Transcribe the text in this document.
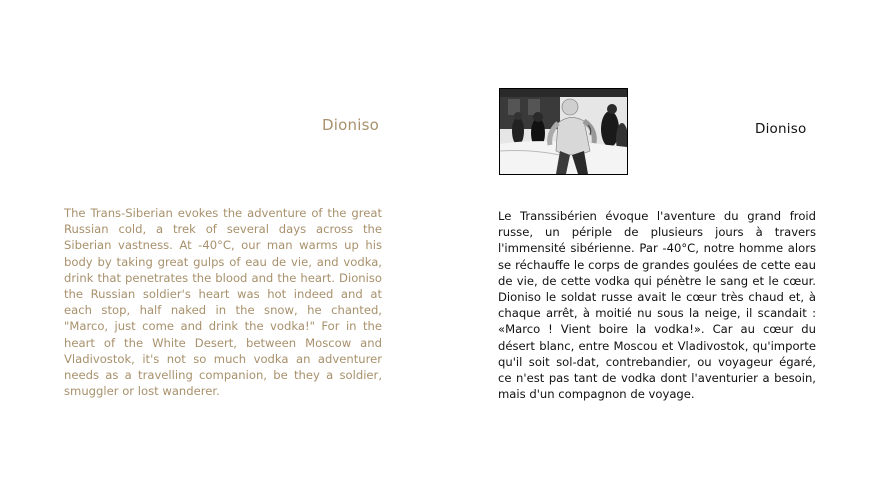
Dioniso

The Trans-Siberian evokes the adventure of the great Russian cold, a trek of several days across the Siberian vastness. At -40°C, our man warms up his body by taking great gulps of eau de vie, and vodka, drink that penetrates the blood and the heart. Dioniso the Russian soldier's heart was hot indeed and at each stop, half naked in the snow, he chanted, "Marco, just come and drink the vodka!" For in the heart of the White Desert, between Moscow and Vladivostok, it's not so much vodka an adventurer needs as a travelling companion, be they a soldier, smuggler or lost wanderer.

Dioniso

Le Transsibérien évoque l'aventure du grand froid russe, un périple de plusieurs jours à travers l'immensité sibérienne. Par -40°C, notre homme alors se réchauffe le corps de grandes goulées de cette eau de vie, de cette vodka qui pénètre le sang et le cœur. Dioniso le soldat russe avait le cœur très chaud et, à chaque arrêt, à moitié nu sous la neige, il scandait : «Marco ! Vient boire la vodka!». Car au cœur du désert blanc, entre Moscou et Vladivostok, qu'importe qu'il soit sol-dat, contrebandier, ou voyageur égaré, ce n'est pas tant de vodka dont l'aventurier a besoin, mais d'un compagnon de voyage.
